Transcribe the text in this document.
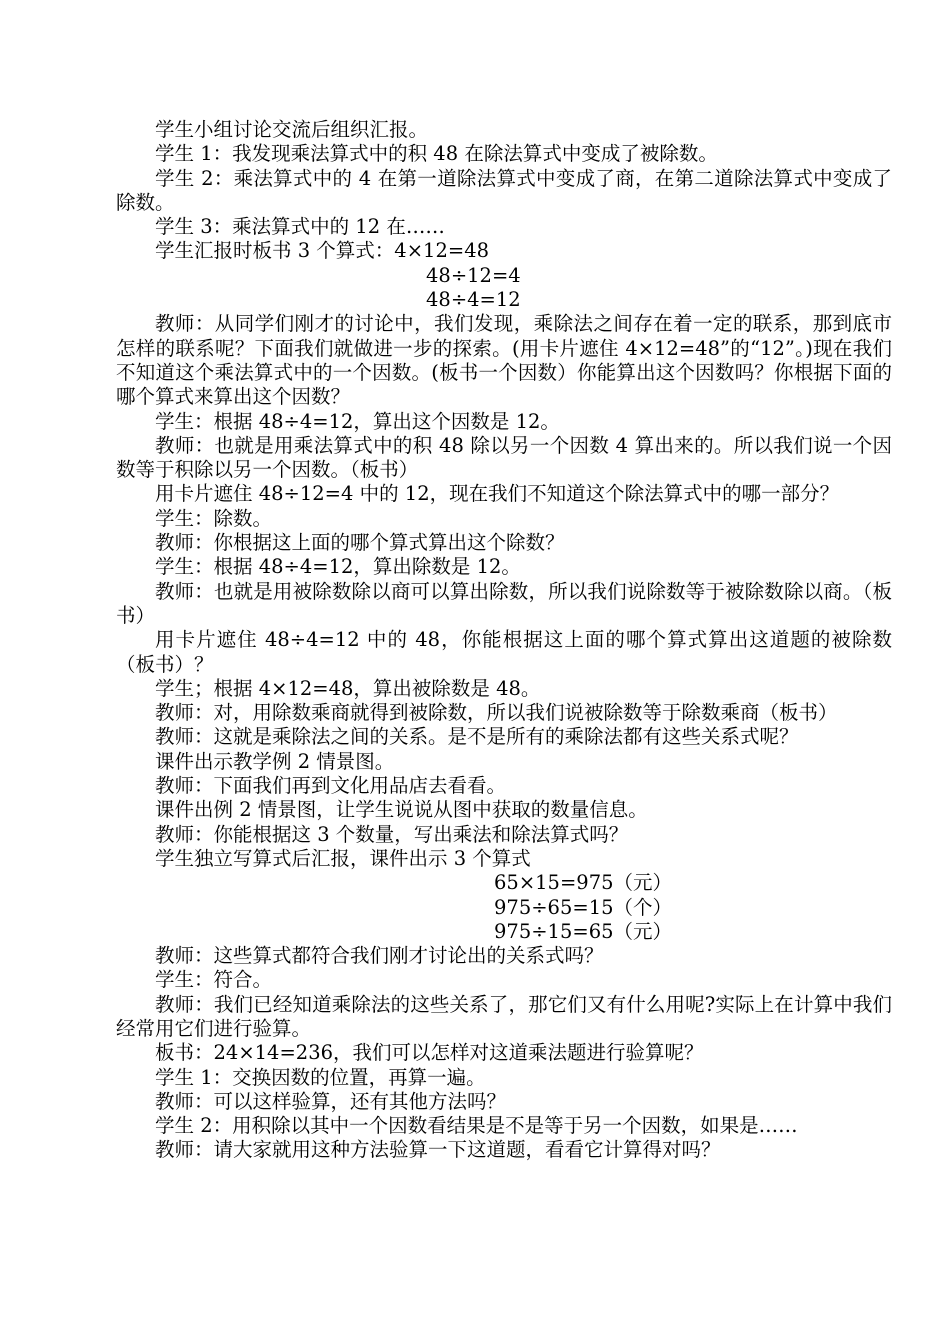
学生小组讨论交流后组织汇报。

学生 1：我发现乘法算式中的积 48 在除法算式中变成了被除数。

学生 2：乘法算式中的 4 在第一道除法算式中变成了商，在第二道除法算式中变成了除数。

学生 3：乘法算式中的 12 在……

学生汇报时板书 3 个算式：4×12=48

48÷12=4

48÷4=12

教师：从同学们刚才的讨论中，我们发现，乘除法之间存在着一定的联系，那到底市怎样的联系呢？下面我们就做进一步的探索。(用卡片遮住 4×12=48”的“12”。)现在我们不知道这个乘法算式中的一个因数。(板书一个因数）你能算出这个因数吗？你根据下面的哪个算式来算出这个因数？

学生：根据 48÷4=12，算出这个因数是 12。

教师：也就是用乘法算式中的积 48 除以另一个因数 4 算出来的。所以我们说一个因数等于积除以另一个因数。（板书）

用卡片遮住 48÷12=4 中的 12，现在我们不知道这个除法算式中的哪一部分？

学生：除数。

教师：你根据这上面的哪个算式算出这个除数？

学生：根据 48÷4=12，算出除数是 12。

教师：也就是用被除数除以商可以算出除数，所以我们说除数等于被除数除以商。（板书）

用卡片遮住 48÷4=12 中的 48，你能根据这上面的哪个算式算出这道题的被除数（板书）？

学生；根据 4×12=48，算出被除数是 48。

教师：对，用除数乘商就得到被除数，所以我们说被除数等于除数乘商（板书）

教师：这就是乘除法之间的关系。是不是所有的乘除法都有这些关系式呢？

课件出示教学例 2 情景图。

教师：下面我们再到文化用品店去看看。

课件出例 2 情景图，让学生说说从图中获取的数量信息。

教师：你能根据这 3 个数量，写出乘法和除法算式吗？

学生独立写算式后汇报，课件出示 3 个算式

65×15=975（元）

975÷65=15（个）

975÷15=65（元）

教师：这些算式都符合我们刚才讨论出的关系式吗？

学生：符合。

教师：我们已经知道乘除法的这些关系了，那它们又有什么用呢?实际上在计算中我们经常用它们进行验算。

板书：24×14=236，我们可以怎样对这道乘法题进行验算呢？

学生 1：交换因数的位置，再算一遍。

教师：可以这样验算，还有其他方法吗？

学生 2：用积除以其中一个因数看结果是不是等于另一个因数，如果是……

教师：请大家就用这种方法验算一下这道题，看看它计算得对吗？
